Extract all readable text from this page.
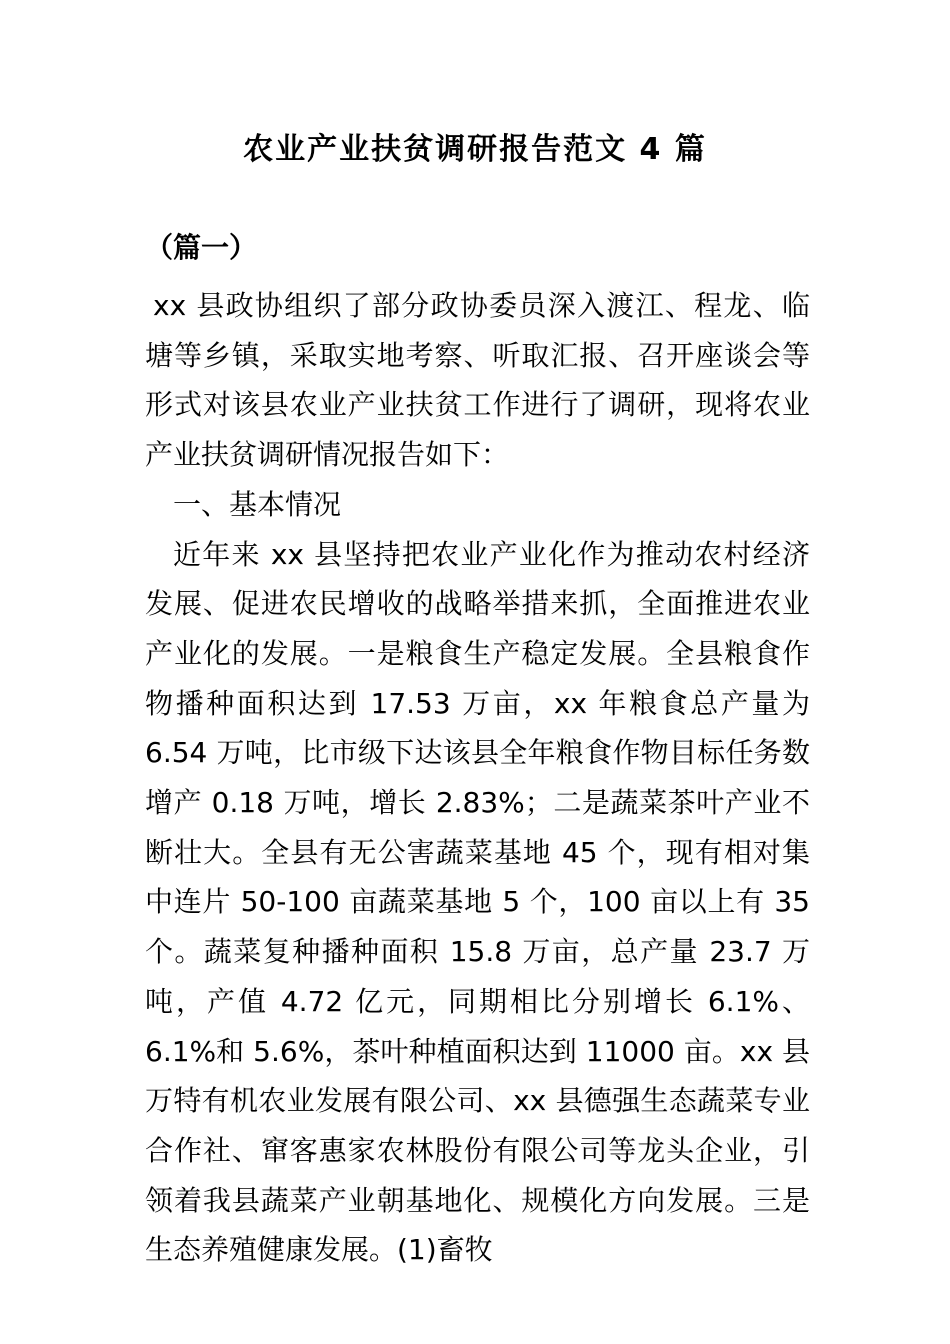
农业产业扶贫调研报告范文 4 篇
（篇一）

xx 县政协组织了部分政协委员深入渡江、程龙、临塘等乡镇，采取实地考察、听取汇报、召开座谈会等形式对该县农业产业扶贫工作进行了调研，现将农业产业扶贫调研情况报告如下：

一、基本情况

近年来 xx 县坚持把农业产业化作为推动农村经济发展、促进农民增收的战略举措来抓，全面推进农业产业化的发展。一是粮食生产稳定发展。全县粮食作物播种面积达到 17.53 万亩，xx 年粮食总产量为 6.54 万吨，比市级下达该县全年粮食作物目标任务数增产 0.18 万吨，增长 2.83%；二是蔬菜茶叶产业不断壮大。全县有无公害蔬菜基地 45 个，现有相对集中连片 50-100 亩蔬菜基地 5 个，100 亩以上有 35 个。蔬菜复种播种面积 15.8 万亩，总产量 23.7 万吨，产值 4.72 亿元，同期相比分别增长 6.1%、6.1%和 5.6%，茶叶种植面积达到 11000 亩。xx 县万特有机农业发展有限公司、xx 县德强生态蔬菜专业合作社、窜客惠家农林股份有限公司等龙头企业，引领着我县蔬菜产业朝基地化、规模化方向发展。三是生态养殖健康发展。(1)畜牧
